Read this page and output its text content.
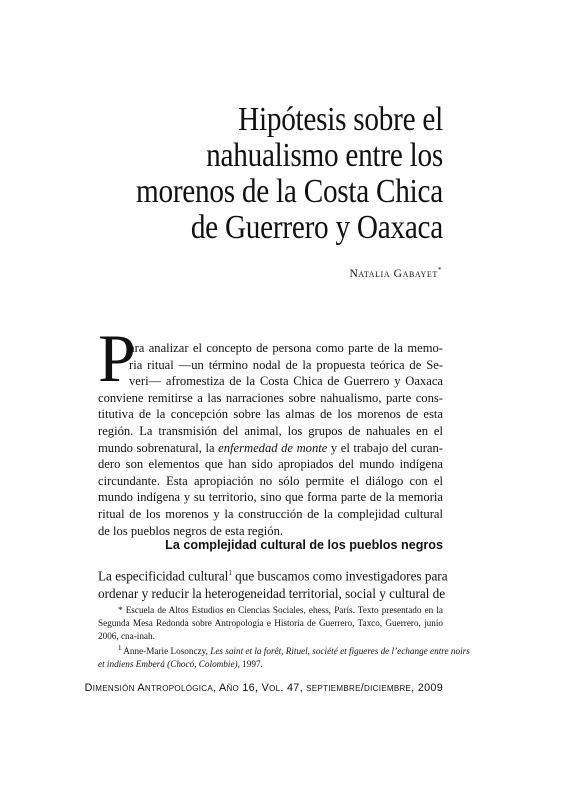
Hipótesis sobre el
nahualismo entre los
morenos de la Costa Chica
de Guerrero y Oaxaca
Natalia Gabayet*
P
ara analizar el concepto de persona como parte de la memo-
ria ritual —un término nodal de la propuesta teórica de Se-
veri— afromestiza de la Costa Chica de Guerrero y Oaxaca
conviene remitirse a las narraciones sobre nahualismo, parte cons-
titutiva de la concepción sobre las almas de los morenos de esta
región. La transmisión del animal, los grupos de nahuales en el
mundo sobrenatural, la enfermedad de monte y el trabajo del curan-
dero son elementos que han sido apropiados del mundo indígena
circundante. Esta apropiación no sólo permite el diálogo con el
mundo indígena y su territorio, sino que forma parte de la memoria
ritual de los morenos y la construcción de la complejidad cultural
de los pueblos negros de esta región.
La complejidad cultural de los pueblos negros
La especificidad cultural$^1$ que buscamos como investigadores para
ordenar y reducir la heterogeneidad territorial, social y cultural de
* Escuela de Altos Estudios en Ciencias Sociales, ehess, París. Texto presentado en la
Segunda Mesa Redonda sobre Antropología e Historia de Guerrero, Taxco, Guerrero, junio
2006, cna-inah.
$^1$ Anne-Marie Losonczy, Les saint et la forêt, Rituel, société et figueres de l’echange entre noirs
et indiens Emberá (Chocó, Colombie), 1997.
Dimensión Antropológica, Año 16, Vol. 47, septiembre/diciembre, 2009
